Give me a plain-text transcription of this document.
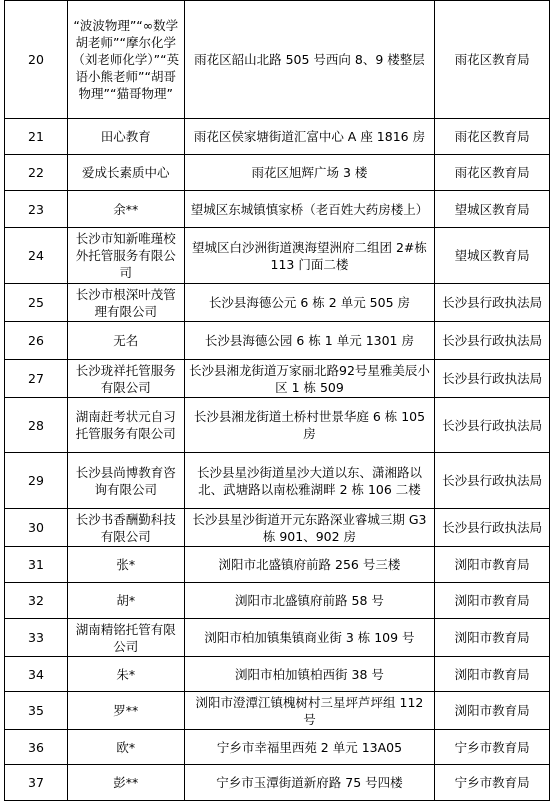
20	“波波物理”“∞数学胡老师”“摩尔化学（刘老师化学）”“英语小熊老师”“胡哥物理”“猫哥物理”	雨花区韶山北路 505 号西向 8、9 楼整层	雨花区教育局
21	田心教育	雨花区侯家塘街道汇富中心 A 座 1816 房	雨花区教育局
22	爱成长素质中心	雨花区旭辉广场 3 楼	雨花区教育局
23	余**	望城区东城镇慎家桥（老百姓大药房楼上）	望城区教育局
24	长沙市知新唯瑾校外托管服务有限公司	望城区白沙洲街道澳海望洲府二组团 2#栋 113 门面二楼	望城区教育局
25	长沙市根深叶茂管理有限公司	长沙县海德公元 6 栋 2 单元 505 房	长沙县行政执法局
26	无名	长沙县海德公园 6 栋 1 单元 1301 房	长沙县行政执法局
27	长沙珑祥托管服务有限公司	长沙县湘龙街道万家丽北路92号星雅美辰小区 1 栋 509	长沙县行政执法局
28	湖南赶考状元自习托管服务有限公司	长沙县湘龙街道土桥村世景华庭 6 栋 105 房	长沙县行政执法局
29	长沙县尚博教育咨询有限公司	长沙县星沙街道星沙大道以东、潇湘路以北、武塘路以南松雅湖畔 2 栋 106 二楼	长沙县行政执法局
30	长沙书香酬勤科技有限公司	长沙县星沙街道开元东路深业睿城三期 G3 栋 901、902 房	长沙县行政执法局
31	张*	浏阳市北盛镇府前路 256 号三楼	浏阳市教育局
32	胡*	浏阳市北盛镇府前路 58 号	浏阳市教育局
33	湖南精铭托管有限公司	浏阳市柏加镇集镇商业街 3 栋 109 号	浏阳市教育局
34	朱*	浏阳市柏加镇柏西街 38 号	浏阳市教育局
35	罗**	浏阳市澄潭江镇槐树村三星坪芦坪组 112 号	浏阳市教育局
36	欧*	宁乡市幸福里西苑 2 单元 13A05	宁乡市教育局
37	彭**	宁乡市玉潭街道新府路 75 号四楼	宁乡市教育局
